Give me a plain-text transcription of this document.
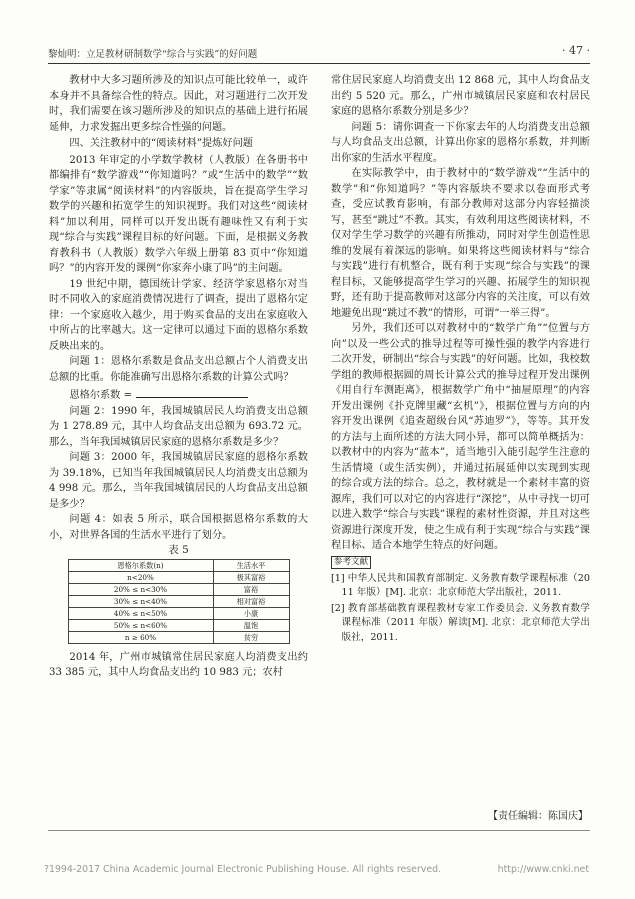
黎灿明：立足教材研制数学“综合与实践”的好问题	· 47 ·

教材中大多习题所涉及的知识点可能比较单一，或许本身并不具备综合性的特点。因此，对习题进行二次开发时，我们需要在该习题所涉及的知识点的基础上进行拓展延伸，力求发掘出更多综合性强的问题。

四、关注教材中的“阅读材料”提炼好问题

2013 年审定的小学数学教材（人教版）在各册书中都编排有“数学游戏”“你知道吗？”或“生活中的数学”“数学家”等隶属“阅读材料”的内容版块，旨在提高学生学习数学的兴趣和拓宽学生的知识视野。我们对这些“阅读材料”加以利用，同样可以开发出既有趣味性又有利于实现“综合与实践”课程目标的好问题。下面，是根据义务教育教科书（人教版）数学六年级上册第 83 页中“你知道吗？”的内容开发的课例“你家奔小康了吗”的主问题。

19 世纪中期，德国统计学家、经济学家恩格尔对当时不同收入的家庭消费情况进行了调查，提出了恩格尔定律：一个家庭收入越少，用于购买食品的支出在家庭收入中所占的比率越大。这一定律可以通过下面的恩格尔系数反映出来的。

问题 1：恩格尔系数是食品支出总额占个人消费支出总额的比重。你能准确写出恩格尔系数的计算公式吗？

恩格尔系数 =

问题 2：1990 年，我国城镇居民人均消费支出总额为 1 278.89 元，其中人均食品支出总额为 693.72 元。那么，当年我国城镇居民家庭的恩格尔系数是多少？

问题 3：2000 年，我国城镇居民家庭的恩格尔系数为 39.18%，已知当年我国城镇居民人均消费支出总额为 4 998 元。那么，当年我国城镇居民的人均食品支出总额是多少？

问题 4：如表 5 所示，联合国根据恩格尔系数的大小，对世界各国的生活水平进行了划分。

表 5

恩格尔系数(n)	生活水平
n<20%	极其富裕
20% ≤ n<30%	富裕
30% ≤ n<40%	相对富裕
40% ≤ n<50%	小康
50% ≤ n<60%	温饱
n ≥ 60%	贫穷

2014 年，广州市城镇常住居民家庭人均消费支出约 33 385 元，其中人均食品支出约 10 983 元；农村

常住居民家庭人均消费支出 12 868 元，其中人均食品支出约 5 520 元。那么，广州市城镇居民家庭和农村居民家庭的恩格尔系数分别是多少？

问题 5：请你调查一下你家去年的人均消费支出总额与人均食品支出总额，计算出你家的恩格尔系数，并判断出你家的生活水平程度。

在实际教学中，由于教材中的“数学游戏”“生活中的数学”和“你知道吗？”等内容版块不要求以卷面形式考查，受应试教育影响，有部分教师对这部分内容轻描淡写，甚至“跳过”不教。其实，有效利用这些阅读材料，不仅对学生学习数学的兴趣有所推动，同时对学生创造性思维的发展有着深远的影响。如果将这些阅读材料与“综合与实践”进行有机整合，既有利于实现“综合与实践”的课程目标，又能够提高学生学习的兴趣、拓展学生的知识视野，还有助于提高教师对这部分内容的关注度，可以有效地避免出现“跳过不教”的情形，可谓“一举三得”。

另外，我们还可以对教材中的“数学广角”“位置与方向”以及一些公式的推导过程等可操性强的教学内容进行二次开发，研制出“综合与实践”的好问题。比如，我校数学组的教师根据圆的周长计算公式的推导过程开发出课例《用自行车测距离》，根据数学广角中“抽屉原理”的内容开发出课例《扑克牌里藏“玄机”》，根据位置与方向的内容开发出课例《追查超级台风“苏迪罗”》，等等。其开发的方法与上面所述的方法大同小异，都可以简单概括为：以教材中的内容为“蓝本”，适当地引入能引起学生注意的生活情境（或生活实例），并通过拓展延伸以实现到实现的综合或方法的综合。总之，教材就是一个素材丰富的资源库，我们可以对它的内容进行“深挖”，从中寻找一切可以进入数学“综合与实践”课程的素材性资源，并且对这些资源进行深度开发，使之生成有利于实现“综合与实践”课程目标、适合本地学生特点的好问题。

参考文献
[1] 中华人民共和国教育部制定. 义务教育数学课程标准（2011 年版）[M]. 北京：北京师范大学出版社，2011.
[2] 教育部基础教育课程教材专家工作委员会. 义务教育数学课程标准（2011 年版）解读[M]. 北京：北京师范大学出版社，2011.
【责任编辑：陈国庆】
?1994-2017 China Academic Journal Electronic Publishing House. All rights reserved.	http://www.cnki.net
